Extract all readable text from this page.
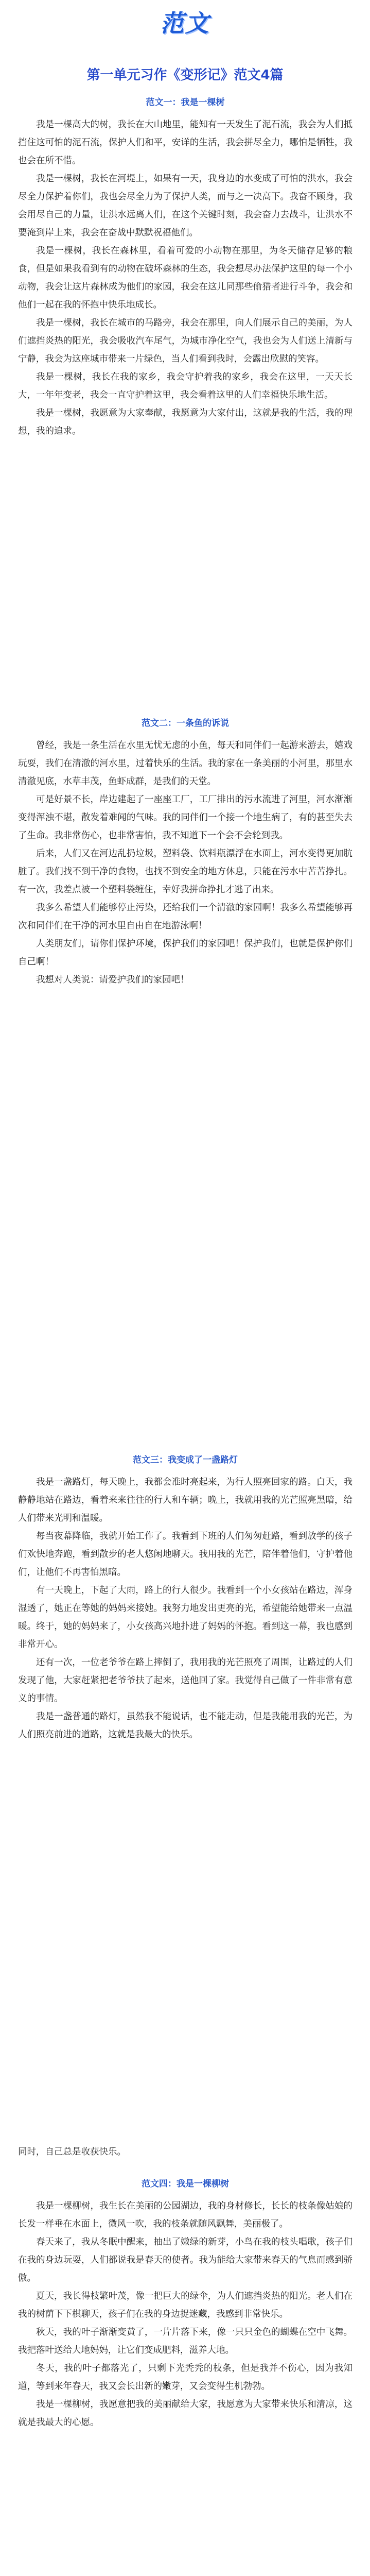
范文
第一单元习作《变形记》范文4篇
范文一：我是一棵树

我是一棵高大的树，我长在大山地里，能知有一天发生了泥石流，我会为人们抵挡住这可怕的泥石流，保护人们和平，安详的生活，我会拼尽全力，哪怕是牺牲，我也会在所不惜。

我是一棵树，我长在河堤上，如果有一天，我身边的水变成了可怕的洪水，我会尽全力保护着你们，我也会尽全力为了保护人类，而与之一决高下。我奋不顾身，我会用尽自己的力量，让洪水远离人们，在这个关键时刻，我会奋力去战斗，让洪水不要淹到岸上来，我会在奋战中默默祝福他们。

我是一棵树，我长在森林里，看着可爱的小动物在那里，为冬天储存足够的粮食，但是如果我看到有的动物在破坏森林的生态，我会想尽办法保护这里的每一个小动物，我会让这片森林成为他们的家园，我会在这儿同那些偷猎者进行斗争，我会和他们一起在我的怀抱中快乐地成长。

我是一棵树，我长在城市的马路旁，我会在那里，向人们展示自己的美丽，为人们遮挡炎热的阳光，我会吸收汽车尾气，为城市净化空气，我也会为人们送上清新与宁静，我会为这座城市带来一片绿色，当人们看到我时，会露出欣慰的笑容。

我是一棵树，我长在我的家乡，我会守护着我的家乡，我会在这里，一天天长大，一年年变老，我会一直守护着这里，我会看着这里的人们幸福快乐地生活。

我是一棵树，我愿意为大家奉献，我愿意为大家付出，这就是我的生活，我的理想，我的追求。

范文二：一条鱼的诉说

曾经，我是一条生活在水里无忧无虑的小鱼，每天和同伴们一起游来游去，嬉戏玩耍，我们在清澈的河水里，过着快乐的生活。我的家在一条美丽的小河里，那里水清澈见底，水草丰茂，鱼虾成群，是我们的天堂。

可是好景不长，岸边建起了一座座工厂，工厂排出的污水流进了河里，河水渐渐变得浑浊不堪，散发着难闻的气味。我的同伴们一个接一个地生病了，有的甚至失去了生命。我非常伤心，也非常害怕，我不知道下一个会不会轮到我。

后来，人们又在河边乱扔垃圾，塑料袋、饮料瓶漂浮在水面上，河水变得更加肮脏了。我们找不到干净的食物，也找不到安全的地方休息，只能在污水中苦苦挣扎。有一次，我差点被一个塑料袋缠住，幸好我拼命挣扎才逃了出来。

我多么希望人们能够停止污染，还给我们一个清澈的家园啊！我多么希望能够再次和同伴们在干净的河水里自由自在地游泳啊！

人类朋友们，请你们保护环境，保护我们的家园吧！保护我们，也就是保护你们自己啊！

我想对人类说：请爱护我们的家园吧！

范文三：我变成了一盏路灯

我是一盏路灯，每天晚上，我都会准时亮起来，为行人照亮回家的路。白天，我静静地站在路边，看着来来往往的行人和车辆；晚上，我就用我的光芒照亮黑暗，给人们带来光明和温暖。

每当夜幕降临，我就开始工作了。我看到下班的人们匆匆赶路，看到放学的孩子们欢快地奔跑，看到散步的老人悠闲地聊天。我用我的光芒，陪伴着他们，守护着他们，让他们不再害怕黑暗。

有一天晚上，下起了大雨，路上的行人很少。我看到一个小女孩站在路边，浑身湿透了，她正在等她的妈妈来接她。我努力地发出更亮的光，希望能给她带来一点温暖。终于，她的妈妈来了，小女孩高兴地扑进了妈妈的怀抱。看到这一幕，我也感到非常开心。

还有一次，一位老爷爷在路上摔倒了，我用我的光芒照亮了周围，让路过的人们发现了他，大家赶紧把老爷爷扶了起来，送他回了家。我觉得自己做了一件非常有意义的事情。

我是一盏普通的路灯，虽然我不能说话，也不能走动，但是我能用我的光芒，为人们照亮前进的道路，这就是我最大的快乐。

同时，自己总是收获快乐。
范文四：我是一棵柳树

我是一棵柳树，我生长在美丽的公园湖边，我的身材修长，长长的枝条像姑娘的长发一样垂在水面上，微风一吹，我的枝条就随风飘舞，美丽极了。

春天来了，我从冬眠中醒来，抽出了嫩绿的新芽，小鸟在我的枝头唱歌，孩子们在我的身边玩耍，人们都说我是春天的使者。我为能给大家带来春天的气息而感到骄傲。

夏天，我长得枝繁叶茂，像一把巨大的绿伞，为人们遮挡炎热的阳光。老人们在我的树荫下下棋聊天，孩子们在我的身边捉迷藏，我感到非常快乐。

秋天，我的叶子渐渐变黄了，一片片落下来，像一只只金色的蝴蝶在空中飞舞。我把落叶送给大地妈妈，让它们变成肥料，滋养大地。

冬天，我的叶子都落光了，只剩下光秃秃的枝条，但是我并不伤心，因为我知道，等到来年春天，我又会长出新的嫩芽，又会变得生机勃勃。

我是一棵柳树，我愿意把我的美丽献给大家，我愿意为大家带来快乐和清凉，这就是我最大的心愿。
